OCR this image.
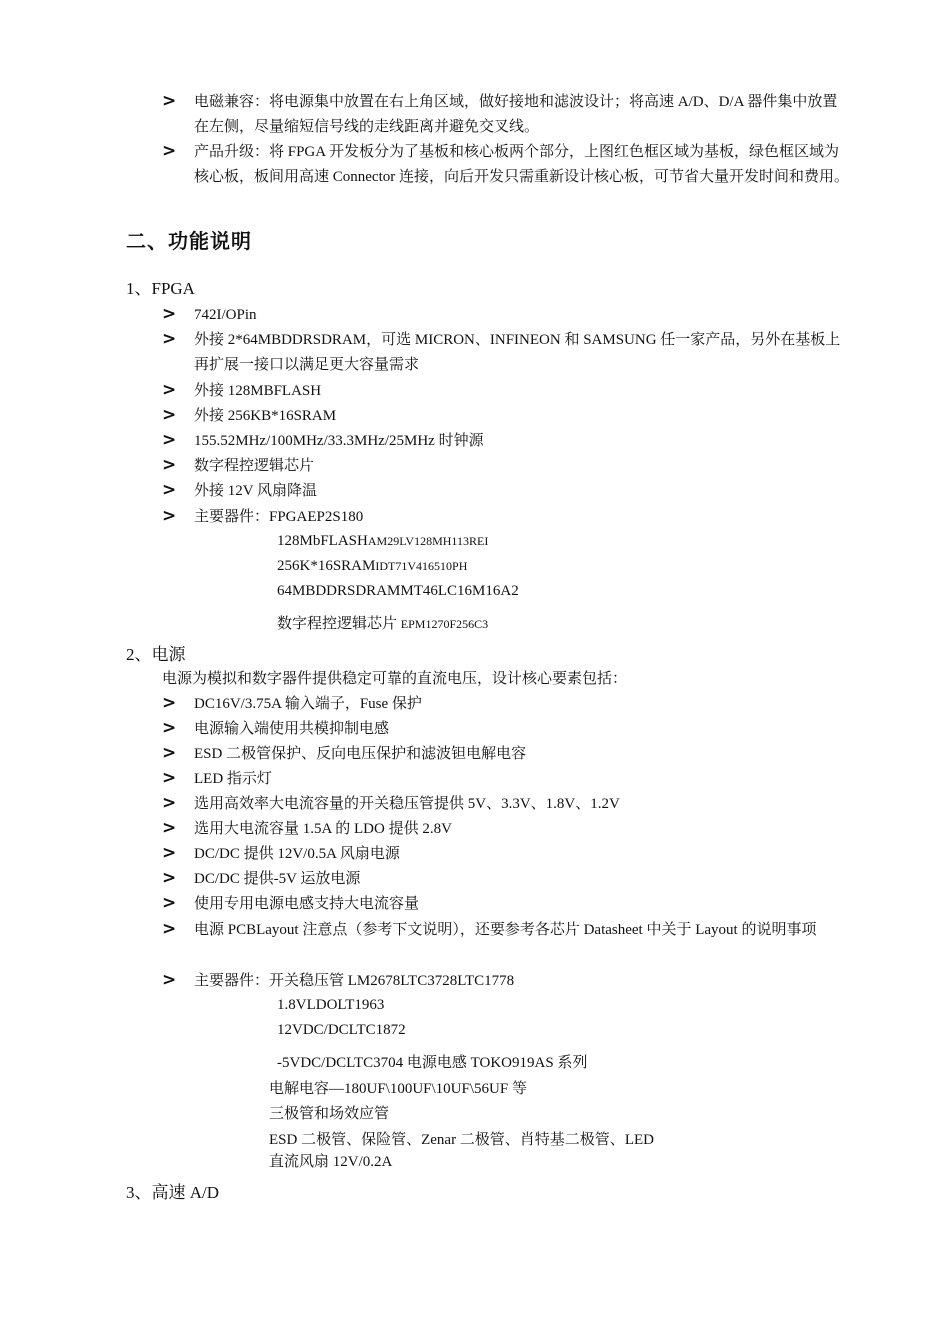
>	电磁兼容：将电源集中放置在右上角区域，做好接地和滤波设计；将高速 A/D、D/A 器件集中放置在左侧，尽量缩短信号线的走线距离并避免交叉线。
>	产品升级：将 FPGA 开发板分为了基板和核心板两个部分，上图红色框区域为基板，绿色框区域为核心板，板间用高速 Connector 连接，向后开发只需重新设计核心板，可节省大量开发时间和费用。
二、功能说明
1、FPGA
>	742I/OPin
>	外接 2*64MBDDRSDRAM，可选 MICRON、INFINEON 和 SAMSUNG 任一家产品，另外在基板上再扩展一接口以满足更大容量需求
>	外接 128MBFLASH
>	外接 256KB*16SRAM
>	155.52MHz/100MHz/33.3MHz/25MHz 时钟源
>	数字程控逻辑芯片
>	外接 12V 风扇降温
>	主要器件：FPGAEP2S180
128MbFLASHAM29LV128MH113REI
256K*16SRAMIDT71V416510PH
64MBDDRSDRAMMT46LC16M16A2
数字程控逻辑芯片 EPM1270F256C3
2、电源
电源为模拟和数字器件提供稳定可靠的直流电压，设计核心要素包括：
>	DC16V/3.75A 输入端子，Fuse 保护
>	电源输入端使用共模抑制电感
>	ESD 二极管保护、反向电压保护和滤波钽电解电容
>	LED 指示灯
>	选用高效率大电流容量的开关稳压管提供 5V、3.3V、1.8V、1.2V
>	选用大电流容量 1.5A 的 LDO 提供 2.8V
>	DC/DC 提供 12V/0.5A 风扇电源
>	DC/DC 提供-5V 运放电源
>	使用专用电源电感支持大电流容量
>	电源 PCBLayout 注意点（参考下文说明），还要参考各芯片 Datasheet 中关于 Layout 的说明事项
>	主要器件：开关稳压管 LM2678LTC3728LTC1778
1.8VLDOLT1963
12VDC/DCLTC1872
-5VDC/DCLTC3704 电源电感 TOKO919AS 系列
电解电容—180UF\100UF\10UF\56UF 等
三极管和场效应管
ESD 二极管、保险管、Zenar 二极管、肖特基二极管、LED
直流风扇 12V/0.2A
3、高速 A/D
